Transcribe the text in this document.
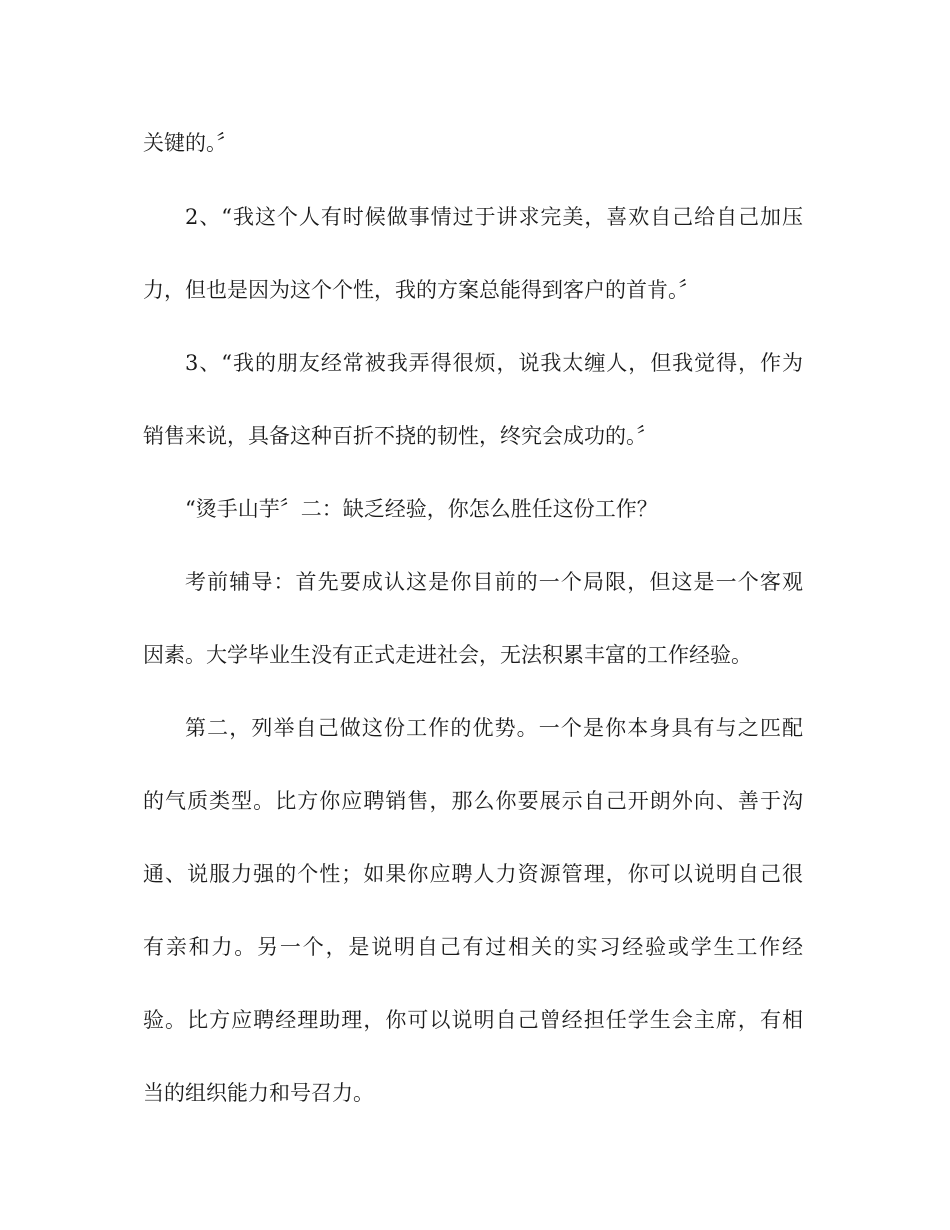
关键的。〞
2、“我这个人有时候做事情过于讲求完美，喜欢自己给自己加压
力，但也是因为这个个性，我的方案总能得到客户的首肯。〞
3、“我的朋友经常被我弄得很烦，说我太缠人，但我觉得，作为
销售来说，具备这种百折不挠的韧性，终究会成功的。〞
“烫手山芋〞二：缺乏经验，你怎么胜任这份工作？
考前辅导：首先要成认这是你目前的一个局限，但这是一个客观
因素。大学毕业生没有正式走进社会，无法积累丰富的工作经验。
第二，列举自己做这份工作的优势。一个是你本身具有与之匹配
的气质类型。比方你应聘销售，那么你要展示自己开朗外向、善于沟
通、说服力强的个性；如果你应聘人力资源管理，你可以说明自己很
有亲和力。另一个，是说明自己有过相关的实习经验或学生工作经
验。比方应聘经理助理，你可以说明自己曾经担任学生会主席，有相
当的组织能力和号召力。
